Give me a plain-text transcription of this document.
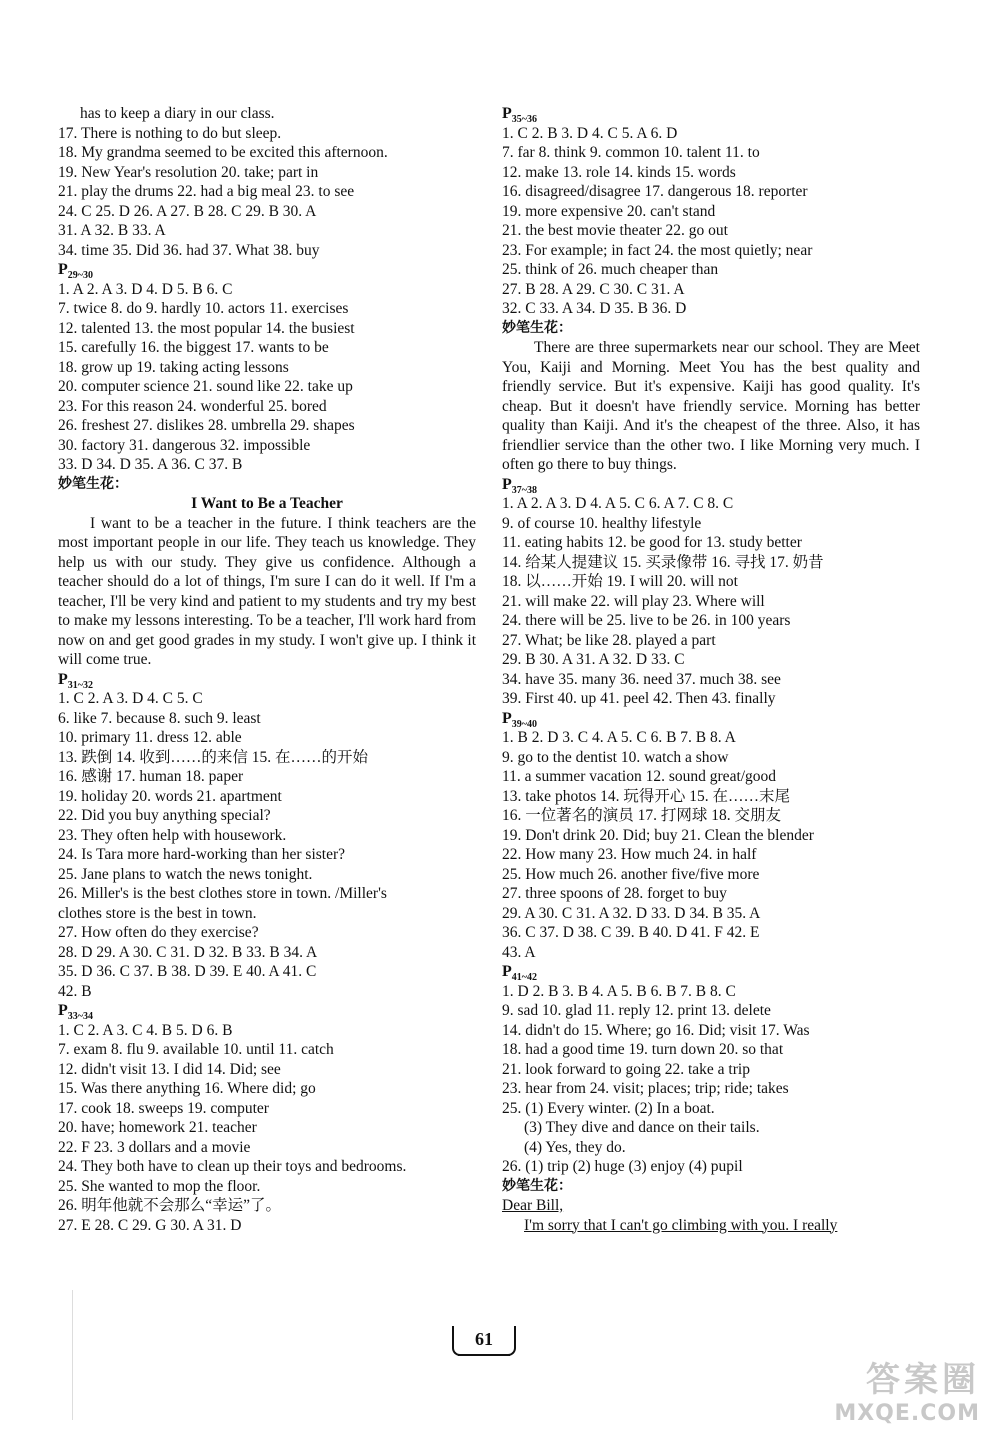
has to keep a diary in our class.
17. There is nothing to do but sleep.
18. My grandma seemed to be excited this afternoon.
19. New Year's resolution 20. take; part in
21. play the drums 22. had a big meal 23. to see
24. C 25. D 26. A 27. B 28. C 29. B 30. A
31. A 32. B 33. A
34. time 35. Did 36. had 37. What 38. buy
$P_{29\sim 30}$
1. A 2. A 3. D 4. D 5. B 6. C
7. twice 8. do 9. hardly 10. actors 11. exercises
12. talented 13. the most popular 14. the busiest
15. carefully 16. the biggest 17. wants to be
18. grow up 19. taking acting lessons
20. computer science 21. sound like 22. take up
23. For this reason 24. wonderful 25. bored
26. freshest 27. dislikes 28. umbrella 29. shapes
30. factory 31. dangerous 32. impossible
33. D 34. D 35. A 36. C 37. B
妙笔生花：
I Want to Be a Teacher
I want to be a teacher in the future. I think teachers are the most important people in our life. They teach us knowledge. They help us with our study. They give us confidence. Although a teacher should do a lot of things, I'm sure I can do it well. If I'm a teacher, I'll be very kind and patient to my students and try my best to make my lessons interesting. To be a teacher, I'll work hard from now on and get good grades in my study. I won't give up. I think it will come true.
$P_{31\sim 32}$
1. C 2. A 3. D 4. C 5. C
6. like 7. because 8. such 9. least
10. primary 11. dress 12. able
13. 跌倒 14. 收到……的来信 15. 在……的开始
16. 感谢 17. human 18. paper
19. holiday 20. words 21. apartment
22. Did you buy anything special?
23. They often help with housework.
24. Is Tara more hard-working than her sister?
25. Jane plans to watch the news tonight.
26. Miller's is the best clothes store in town. /Miller's
clothes store is the best in town.
27. How often do they exercise?
28. D 29. A 30. C 31. D 32. B 33. B 34. A
35. D 36. C 37. B 38. D 39. E 40. A 41. C
42. B
$P_{33\sim 34}$
1. C 2. A 3. C 4. B 5. D 6. B
7. exam 8. flu 9. available 10. until 11. catch
12. didn't visit 13. I did 14. Did; see
15. Was there anything 16. Where did; go
17. cook 18. sweeps 19. computer
20. have; homework 21. teacher
22. F 23. 3 dollars and a movie
24. They both have to clean up their toys and bedrooms.
25. She wanted to mop the floor.
26. 明年他就不会那么“幸运”了。
27. E 28. C 29. G 30. A 31. D
$P_{35\sim 36}$
1. C 2. B 3. D 4. C 5. A 6. D
7. far 8. think 9. common 10. talent 11. to
12. make 13. role 14. kinds 15. words
16. disagreed/disagree 17. dangerous 18. reporter
19. more expensive 20. can't stand
21. the best movie theater 22. go out
23. For example; in fact 24. the most quietly; near
25. think of 26. much cheaper than
27. B 28. A 29. C 30. C 31. A
32. C 33. A 34. D 35. B 36. D
妙笔生花：
There are three supermarkets near our school. They are Meet You, Kaiji and Morning. Meet You has the best quality and friendly service. But it's expensive. Kaiji has good quality. It's cheap. But it doesn't have friendly service. Morning has better quality than Kaiji. And it's the cheapest of the three. Also, it has friendlier service than the other two. I like Morning very much. I often go there to buy things.
$P_{37\sim 38}$
1. A 2. A 3. D 4. A 5. C 6. A 7. C 8. C
9. of course 10. healthy lifestyle
11. eating habits 12. be good for 13. study better
14. 给某人提建议 15. 买录像带 16. 寻找 17. 奶昔
18. 以……开始 19. I will 20. will not
21. will make 22. will play 23. Where will
24. there will be 25. live to be 26. in 100 years
27. What; be like 28. played a part
29. B 30. A 31. A 32. D 33. C
34. have 35. many 36. need 37. much 38. see
39. First 40. up 41. peel 42. Then 43. finally
$P_{39\sim 40}$
1. B 2. D 3. C 4. A 5. C 6. B 7. B 8. A
9. go to the dentist 10. watch a show
11. a summer vacation 12. sound great/good
13. take photos 14. 玩得开心 15. 在……末尾
16. 一位著名的演员 17. 打网球 18. 交朋友
19. Don't drink 20. Did; buy 21. Clean the blender
22. How many 23. How much 24. in half
25. How much 26. another five/five more
27. three spoons of 28. forget to buy
29. A 30. C 31. A 32. D 33. D 34. B 35. A
36. C 37. D 38. C 39. B 40. D 41. F 42. E
43. A
$P_{41\sim 42}$
1. D 2. B 3. B 4. A 5. B 6. B 7. B 8. C
9. sad 10. glad 11. reply 12. print 13. delete
14. didn't do 15. Where; go 16. Did; visit 17. Was
18. had a good time 19. turn down 20. so that
21. look forward to going 22. take a trip
23. hear from 24. visit; places; trip; ride; takes
25. (1) Every winter. (2) In a boat.
(3) They dive and dance on their tails.
(4) Yes, they do.
26. (1) trip (2) huge (3) enjoy (4) pupil
妙笔生花：
Dear Bill,
I'm sorry that I can't go climbing with you. I really
61
答案圈
MXQE.COM
